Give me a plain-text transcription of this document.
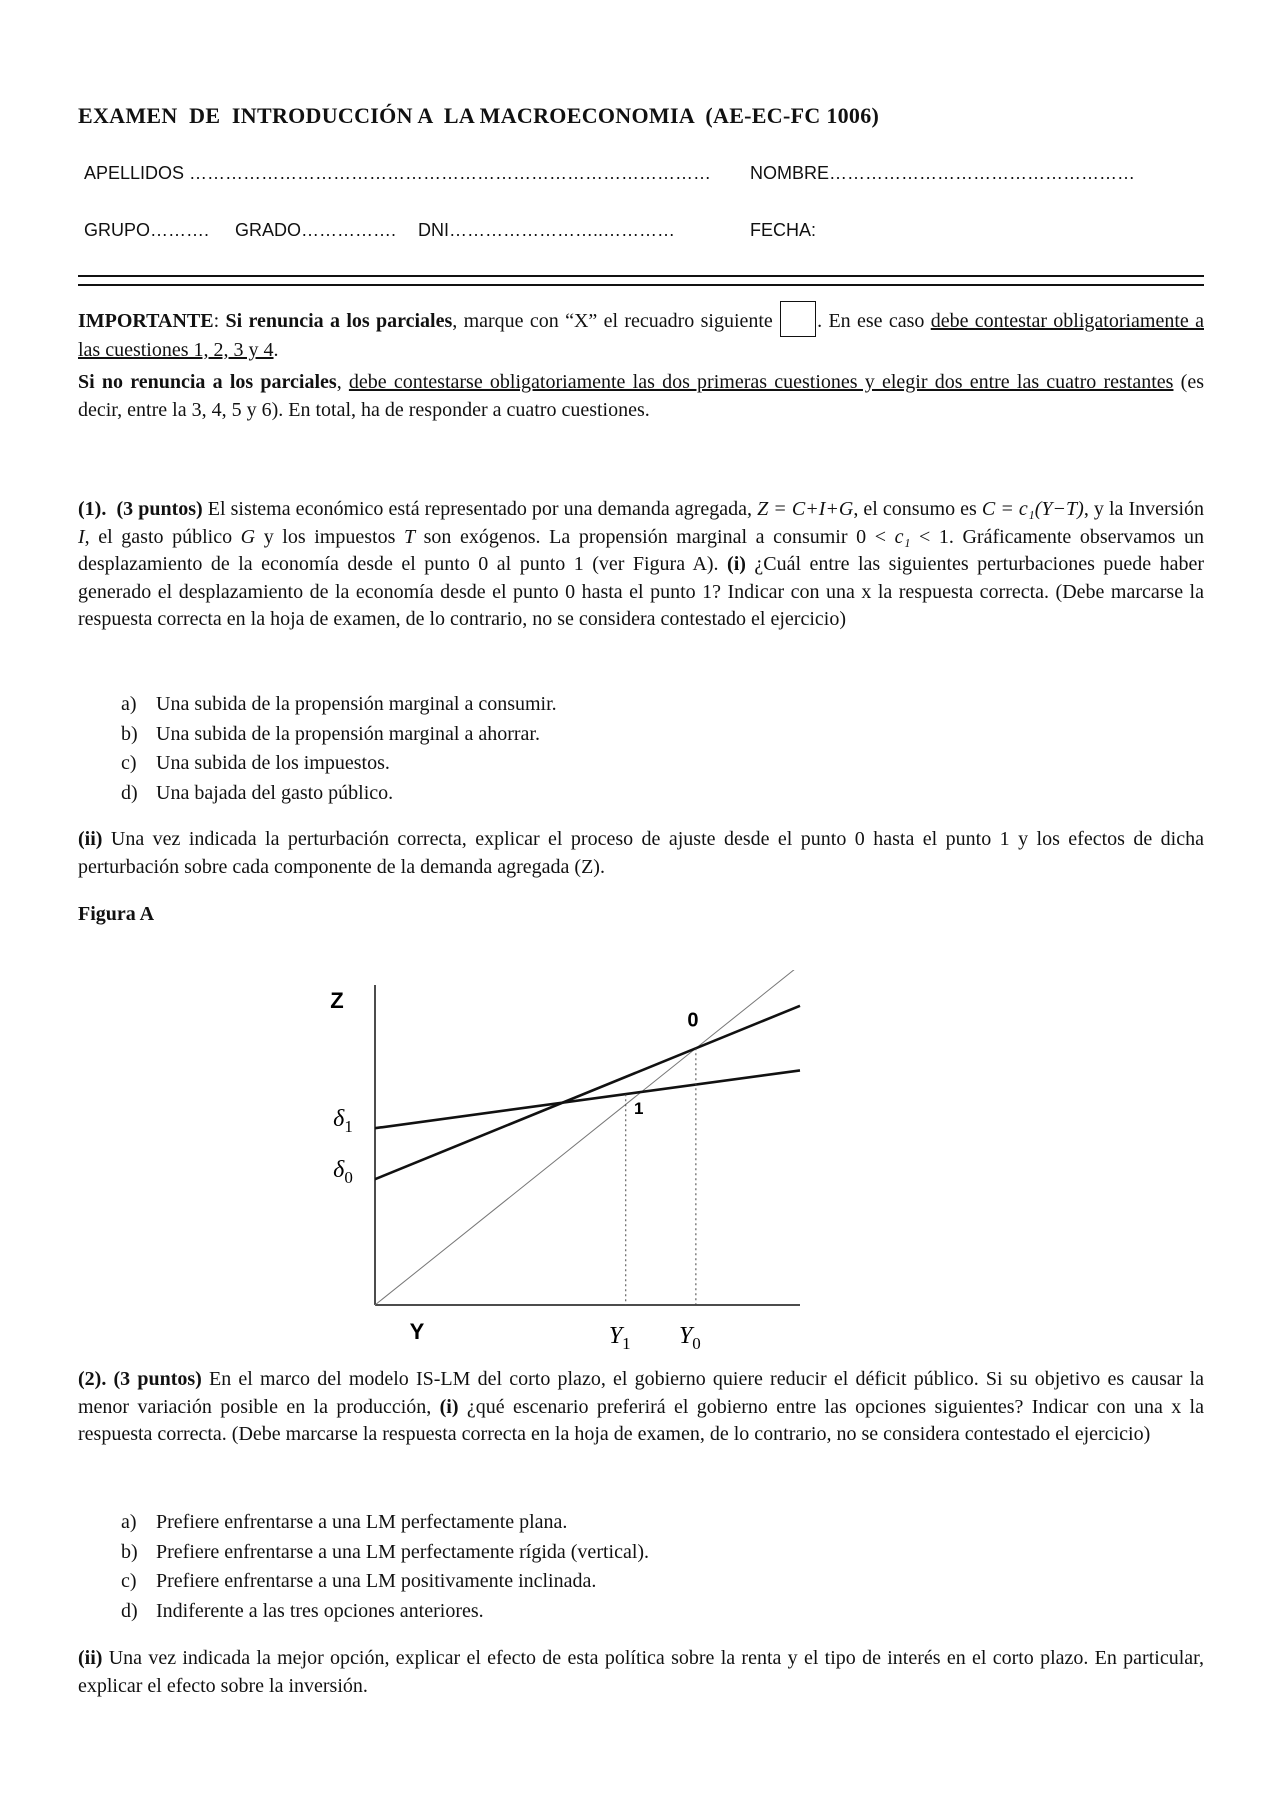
EXAMEN  DE  INTRODUCCIÓN A  LA MACROECONOMIA  (AE-EC-FC 1006)
APELLIDOS …………………………………………………………………………… NOMBRE……………………………………………
GRUPO………. GRADO……………. DNI……………………..…………	FECHA:
IMPORTANTE: Si renuncia a los parciales, marque con “X” el recuadro siguiente . En ese caso debe contestar obligatoriamente a las cuestiones 1, 2, 3 y 4.
Si no renuncia a los parciales, debe contestarse obligatoriamente las dos primeras cuestiones y elegir dos entre las cuatro restantes (es decir, entre la 3, 4, 5 y 6). En total, ha de responder a cuatro cuestiones.
(1). (3 puntos) El sistema económico está representado por una demanda agregada, Z = C+I+G, el consumo es C = c₁(Y−T), y la Inversión I, el gasto público G y los impuestos T son exógenos. La propensión marginal a consumir 0 < c₁ < 1. Gráficamente observamos un desplazamiento de la economía desde el punto 0 al punto 1 (ver Figura A). (i) ¿Cuál entre las siguientes perturbaciones puede haber generado el desplazamiento de la economía desde el punto 0 hasta el punto 1? Indicar con una x la respuesta correcta. (Debe marcarse la respuesta correcta en la hoja de examen, de lo contrario, no se considera contestado el ejercicio)
a) Una subida de la propensión marginal a consumir.
b) Una subida de la propensión marginal a ahorrar.
c) Una subida de los impuestos.
d) Una bajada del gasto público.
(ii) Una vez indicada la perturbación correcta, explicar el proceso de ajuste desde el punto 0 hasta el punto 1 y los efectos de dicha perturbación sobre cada componente de la demanda agregada (Z).
Figura A
0
1
Z
Y
$\delta_1$
$\delta_0$
$Y_1$ $Y_0$
(2). (3 puntos) En el marco del modelo IS-LM del corto plazo, el gobierno quiere reducir el déficit público. Si su objetivo es causar la menor variación posible en la producción, (i) ¿qué escenario preferirá el gobierno entre las opciones siguientes? Indicar con una x la respuesta correcta. (Debe marcarse la respuesta correcta en la hoja de examen, de lo contrario, no se considera contestado el ejercicio)
a) Prefiere enfrentarse a una LM perfectamente plana.
b) Prefiere enfrentarse a una LM perfectamente rígida (vertical).
c) Prefiere enfrentarse a una LM positivamente inclinada.
d) Indiferente a las tres opciones anteriores.
(ii) Una vez indicada la mejor opción, explicar el efecto de esta política sobre la renta y el tipo de interés en el corto plazo. En particular, explicar el efecto sobre la inversión.
